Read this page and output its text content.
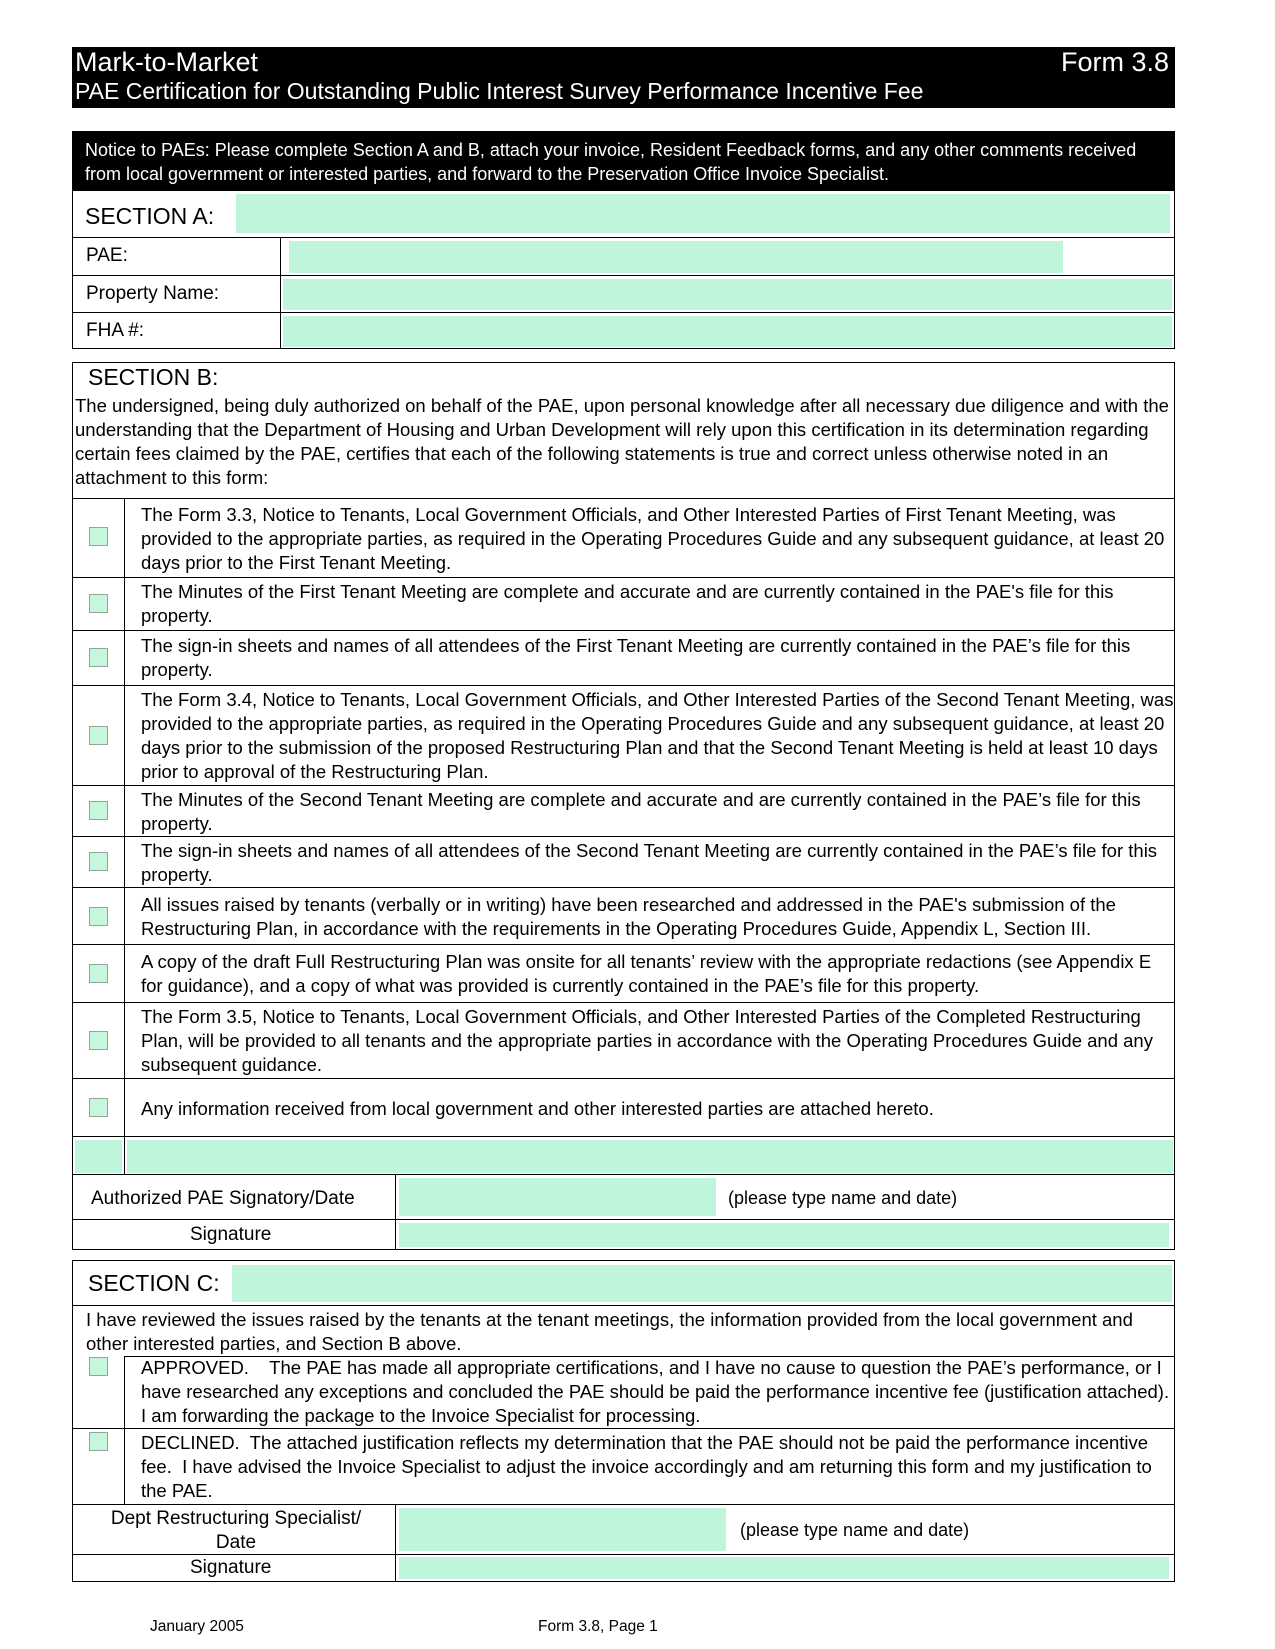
Mark-to-Market	Form 3.8
PAE Certification for Outstanding Public Interest Survey Performance Incentive Fee
Notice to PAEs: Please complete Section A and B, attach your invoice, Resident Feedback forms, and any other comments received from local government or interested parties, and forward to the Preservation Office Invoice Specialist.
SECTION A:
PAE:
Property Name:
FHA #:
SECTION B:
The undersigned, being duly authorized on behalf of the PAE, upon personal knowledge after all necessary due diligence and with the understanding that the Department of Housing and Urban Development will rely upon this certification in its determination regarding certain fees claimed by the PAE, certifies that each of the following statements is true and correct unless otherwise noted in an attachment to this form:
The Form 3.3, Notice to Tenants, Local Government Officials, and Other Interested Parties of First Tenant Meeting, was provided to the appropriate parties, as required in the Operating Procedures Guide and any subsequent guidance, at least 20 days prior to the First Tenant Meeting.
The Minutes of the First Tenant Meeting are complete and accurate and are currently contained in the PAE's file for this property.
The sign-in sheets and names of all attendees of the First Tenant Meeting are currently contained in the PAE’s file for this property.
The Form 3.4, Notice to Tenants, Local Government Officials, and Other Interested Parties of the Second Tenant Meeting, was provided to the appropriate parties, as required in the Operating Procedures Guide and any subsequent guidance, at least 20 days prior to the submission of the proposed Restructuring Plan and that the Second Tenant Meeting is held at least 10 days prior to approval of the Restructuring Plan.
The Minutes of the Second Tenant Meeting are complete and accurate and are currently contained in the PAE’s file for this property.
The sign-in sheets and names of all attendees of the Second Tenant Meeting are currently contained in the PAE’s file for this property.
All issues raised by tenants (verbally or in writing) have been researched and addressed in the PAE's submission of the Restructuring Plan, in accordance with the requirements in the Operating Procedures Guide, Appendix L, Section III.
A copy of the draft Full Restructuring Plan was onsite for all tenants’ review with the appropriate redactions (see Appendix E for guidance), and a copy of what was provided is currently contained in the PAE’s file for this property.
The Form 3.5, Notice to Tenants, Local Government Officials, and Other Interested Parties of the Completed Restructuring Plan, will be provided to all tenants and the appropriate parties in accordance with the Operating Procedures Guide and any subsequent guidance.
Any information received from local government and other interested parties are attached hereto.
Authorized PAE Signatory/Date	(please type name and date)
Signature
SECTION C:
I have reviewed the issues raised by the tenants at the tenant meetings, the information provided from the local government and other interested parties, and Section B above.
APPROVED.    The PAE has made all appropriate certifications, and I have no cause to question the PAE’s performance, or I have researched any exceptions and concluded the PAE should be paid the performance incentive fee (justification attached).  I am forwarding the package to the Invoice Specialist for processing.
DECLINED.  The attached justification reflects my determination that the PAE should not be paid the performance incentive fee.  I have advised the Invoice Specialist to adjust the invoice accordingly and am returning this form and my justification to the PAE.
Dept Restructuring Specialist/ Date
(please type name and date)
Signature
January 2005	Form 3.8, Page 1
